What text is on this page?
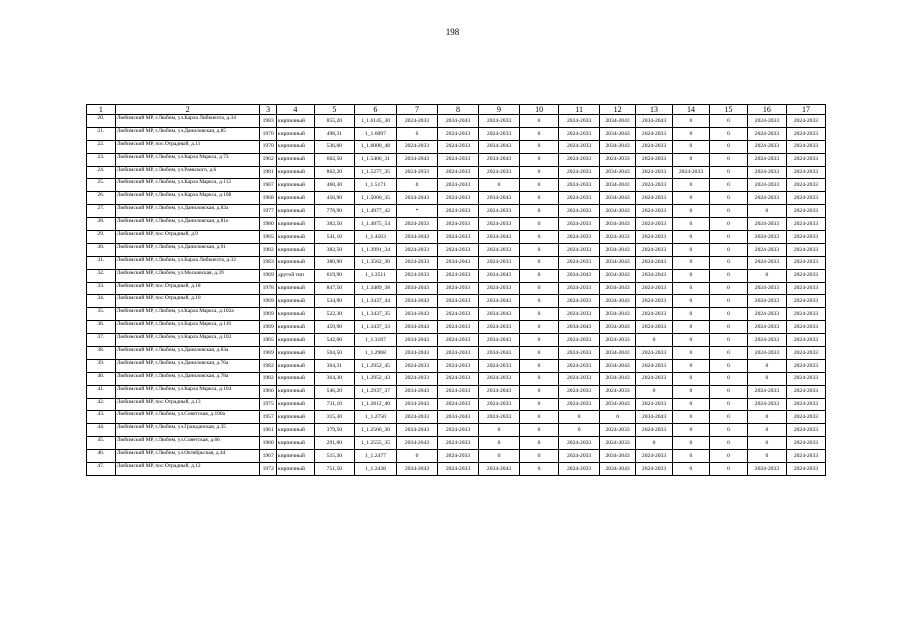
198
1	2	3	4	5	6	7	8	9	10	11	12	13	14	15	16	17
20.	Любимский МР, г.Любим, ул.Карла Либкнехта, д.34	1983	кирпичный	855,20	1_1.6145_30	2024-2033	2034-2043	2024-2033	0	2024-2033	2034-2043	2034-2043	0	0	2024-2033	2024-2033
21.	Любимский МР, г.Любим, ул.Даниловская, д.85	1970	кирпичный	498,31	1_1.6097	0	2024-2033	2024-2033	0	2024-2033	2034-2043	2024-2033	0	0	2024-2033	2024-2033
22.	Любимский МР, пос.Отрадный, д.11	1970	кирпичный	536,00	1_1.6000_48	2024-2033	2024-2033	2034-2043	0	2024-2033	2034-2043	2024-2033	0	0	2024-2033	2024-2033
23.	Любимский МР, г.Любим, ул.Карла Маркса, д.73	1962	кирпичный	662,50	1_1.5406_31	2034-2043	2024-2033	2034-2043	0	2024-2033	2024-2033	2024-2033	0	0	2024-2033	2024-2033
24.	Любимский МР, г.Любим, ул.Раевского, д.6	1981	кирпичный	862,20	1_1.5277_35	2024-2033	2024-2033	2024-2033	0	2024-2033	2034-2043	2024-2033	2024-2033	0	2024-2033	2024-2033
25.	Любимский МР, г.Любим, ул.Карла Маркса, д.112	1967	кирпичный	460,30	1_1.5171	0	2024-2033	0	0	2024-2033	2034-2043	2024-2033	0	0	2024-2033	2024-2033
26.	Любимский МР, г.Любим, ул.Карла Маркса, д.108	1968	кирпичный	456,90	1_1.5000_35	2034-2043	2024-2033	2034-2043	0	2024-2033	2034-2043	2024-2033	0	0	2024-2033	2024-2033
27.	Любимский МР, г.Любим, ул.Даниловская, д.82а	1977	кирпичный	778,90	1_1.4977_42	*	2024-2033	2024-2033	0	2024-2033	2034-2043	2024-2033	0	0	0	2024-2033
28.	Любимский МР, г.Любим, ул.Даниловская, д.81е	1980	кирпичный	382,50	1_1.4875_54	2024-2033	2024-2033	2024-2033	0	2024-2033	2034-2043	2024-2033	0	0	2024-2033	2024-2033
29.	Любимский МР, пос.Отрадный, д.9	1965	кирпичный	541,10	1_1.4563	2034-2043	2024-2033	2034-2043	0	2024-2033	2024-2033	2024-2033	0	0	2024-2033	2024-2033
30.	Любимский МР, г.Любим, ул.Даниловская, д.91	1982	кирпичный	382,50	1_1.3991_34	2024-2033	2024-2033	2024-2033	0	2024-2033	2034-2043	2024-2033	0	0	2024-2033	2024-2033
31.	Любимский МР, г.Любим, ул.Карла Либкнехта, д.32	1983	кирпичный	380,90	1_1.3562_30	2024-2033	2034-2043	2024-2033	0	2024-2033	2034-2043	2034-2043	0	0	2024-2033	2024-2033
32.	Любимский МР, г.Любим, ул.Московская, д.39	1969	другой тип	619,90	1_1.3511	2024-2033	2024-2033	2034-2043	0	2034-2043	2034-2043	2034-2043	0	0	0	2024-2033
33.	Любимский МР, пос.Отрадный, д.18	1978	кирпичный	847,50	1_1.3489_38	2034-2043	2024-2033	2024-2033	0	2024-2033	2034-2043	2024-2033	0	0	2024-2033	2024-2033
34.	Любимский МР, пос.Отрадный, д.10	1969	кирпичный	534,90	1_1.3437_44	2034-2043	2024-2033	2034-2043	0	2024-2033	2034-2043	2024-2033	0	0	2024-2033	2024-2033
35.	Любимский МР, г.Любим, ул.Карла Маркса, д.102а	1969	кирпичный	522,30	1_1.3437_35	2034-2043	2024-2033	2034-2043	0	2024-2033	2034-2043	2024-2033	0	0	2024-2033	2024-2033
36.	Любимский МР, г.Любим, ул.Карла Маркса, д.110	1969	кирпичный	459,90	1_1.3437_33	2034-2043	2024-2033	2024-2033	0	2034-2043	2034-2043	2024-2033	0	0	2024-2033	2024-2033
37.	Любимский МР, г.Любим, ул.Карла Маркса, д.102	1965	кирпичный	542,00	1_1.3187	2034-2043	2024-2033	2034-2043	0	2024-2033	2024-2033	0	0	0	2024-2033	2024-2033
38.	Любимский МР, г.Любим, ул.Даниловская, д.83а	1969	кирпичный	504,50	1_1.2968	2034-2043	2024-2033	2034-2043	0	2024-2033	2034-2043	2024-2033	0	0	2024-2033	2024-2033
39.	Любимский МР, г.Любим, ул.Даниловская, д.76а	1982	кирпичный	364,31	1_1.2952_45	2024-2033	2024-2033	2024-2033	0	2024-2033	2034-2043	2024-2033	0	0	0	2024-2033
40.	Любимский МР, г.Любим, ул.Даниловская, д.78а	1982	кирпичный	364,30	1_1.2952_43	2024-2033	2024-2033	2024-2033	0	2024-2033	2034-2043	2024-2033	0	0	0	2024-2033
41.	Любимский МР, г.Любим, ул.Карла Маркса, д.104	1966	кирпичный	546,20	1_1.2937_37	2034-2043	2024-2033	2034-2043	0	2024-2033	2024-2033	0	0	0	2024-2033	2024-2033
42.	Любимский МР, пос.Отрадный, д.13	1975	кирпичный	731,10	1_1.2812_40	2034-2043	2024-2033	2024-2033	0	2024-2033	2034-2043	2024-2033	0	0	2024-2033	2024-2033
43.	Любимский МР, г.Любим, ул.Советская, д.100а	1957	кирпичный	315,30	1_1.2750	2024-2033	2034-2043	2024-2033	0	0	0	2034-2043	0	0	0	2024-2033
44.	Любимский МР, г.Любим, ул.Гражданская, д.35	1961	кирпичный	379,50	1_1.2566_30	2034-2043	2024-2033	0	0	0	2024-2033	2024-2033	0	0	0	2024-2033
45.	Любимский МР, г.Любим, ул.Советская, д.66	1960	кирпичный	291,00	1_1.2555_35	2034-2043	2024-2033	0	0	2024-2033	2024-2033	0	0	0	0	2024-2033
46.	Любимский МР, г.Любим, ул.Октябрьская, д.44	1967	кирпичный	515,30	1_1.2477	0	2024-2033	0	0	2024-2033	2034-2043	2024-2033	0	0	0	2024-2033
47.	Любимский МР, пос.Отрадный, д.12	1972	кирпичный	751,50	1_1.2438	2034-2043	2024-2033	2034-2043	0	2024-2033	2034-2043	2024-2033	0	0	2024-2033	2024-2033
